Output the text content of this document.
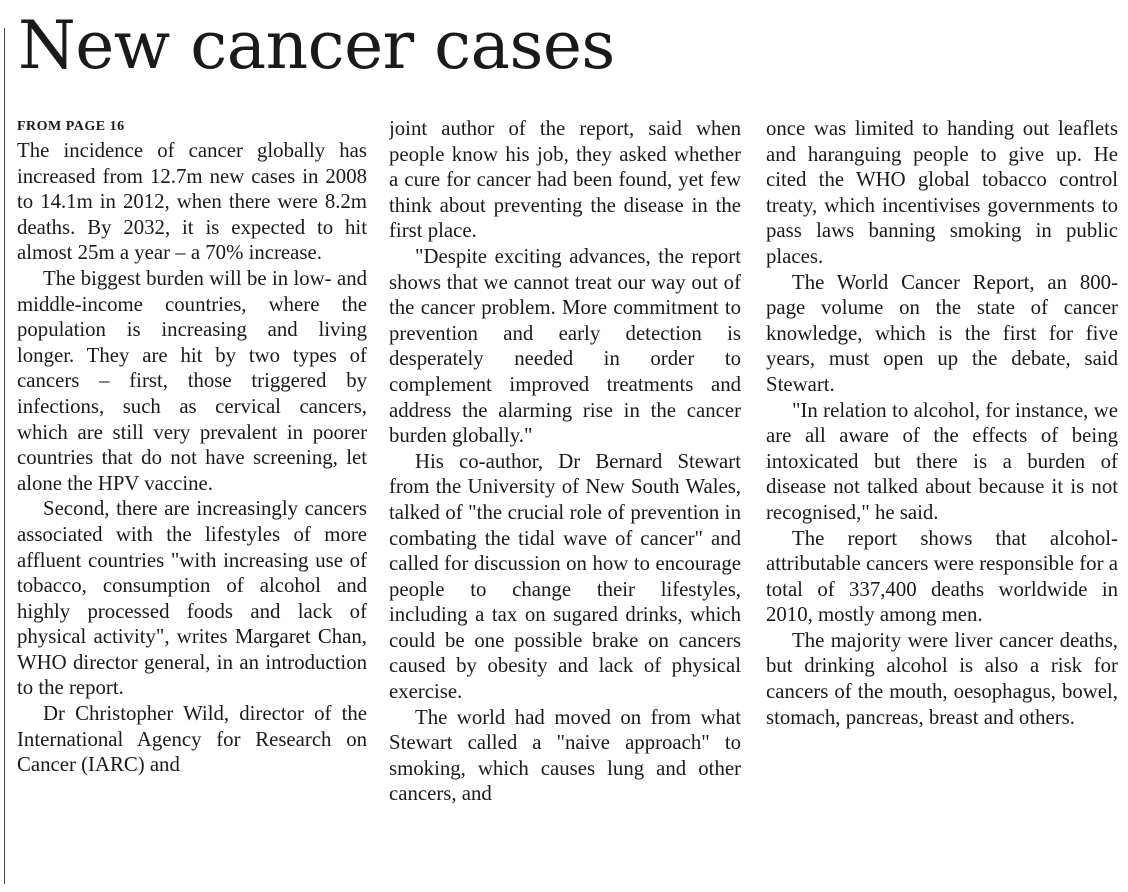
New cancer cases
FROM PAGE 16

The incidence of cancer globally has increased from 12.7m new cases in 2008 to 14.1m in 2012, when there were 8.2m deaths. By 2032, it is expected to hit almost 25m a year – a 70% increase.

The biggest burden will be in low- and middle-income countries, where the population is increasing and living longer. They are hit by two types of cancers – first, those triggered by infections, such as cervical cancers, which are still very prevalent in poorer countries that do not have screening, let alone the HPV vaccine.

Second, there are increasingly cancers associated with the lifestyles of more affluent countries "with increasing use of tobacco, consumption of alcohol and highly processed foods and lack of physical activity", writes Margaret Chan, WHO director general, in an introduction to the report.

Dr Christopher Wild, director of the International Agency for Research on Cancer (IARC) and

joint author of the report, said when people know his job, they asked whether a cure for cancer had been found, yet few think about preventing the disease in the first place.

"Despite exciting advances, the report shows that we cannot treat our way out of the cancer problem. More commitment to prevention and early detection is desperately needed in order to complement improved treatments and address the alarming rise in the cancer burden globally."

His co-author, Dr Bernard Stewart from the University of New South Wales, talked of "the crucial role of prevention in combating the tidal wave of cancer" and called for discussion on how to encourage people to change their lifestyles, including a tax on sugared drinks, which could be one possible brake on cancers caused by obesity and lack of physical exercise.

The world had moved on from what Stewart called a "naive approach" to smoking, which causes lung and other cancers, and

once was limited to handing out leaflets and haranguing people to give up. He cited the WHO global tobacco control treaty, which incentivises governments to pass laws banning smoking in public places.

The World Cancer Report, an 800-page volume on the state of cancer knowledge, which is the first for five years, must open up the debate, said Stewart.

"In relation to alcohol, for instance, we are all aware of the effects of being intoxicated but there is a burden of disease not talked about because it is not recognised," he said.

The report shows that alcohol-attributable cancers were responsible for a total of 337,400 deaths worldwide in 2010, mostly among men.

The majority were liver cancer deaths, but drinking alcohol is also a risk for cancers of the mouth, oesophagus, bowel, stomach, pancreas, breast and others.
